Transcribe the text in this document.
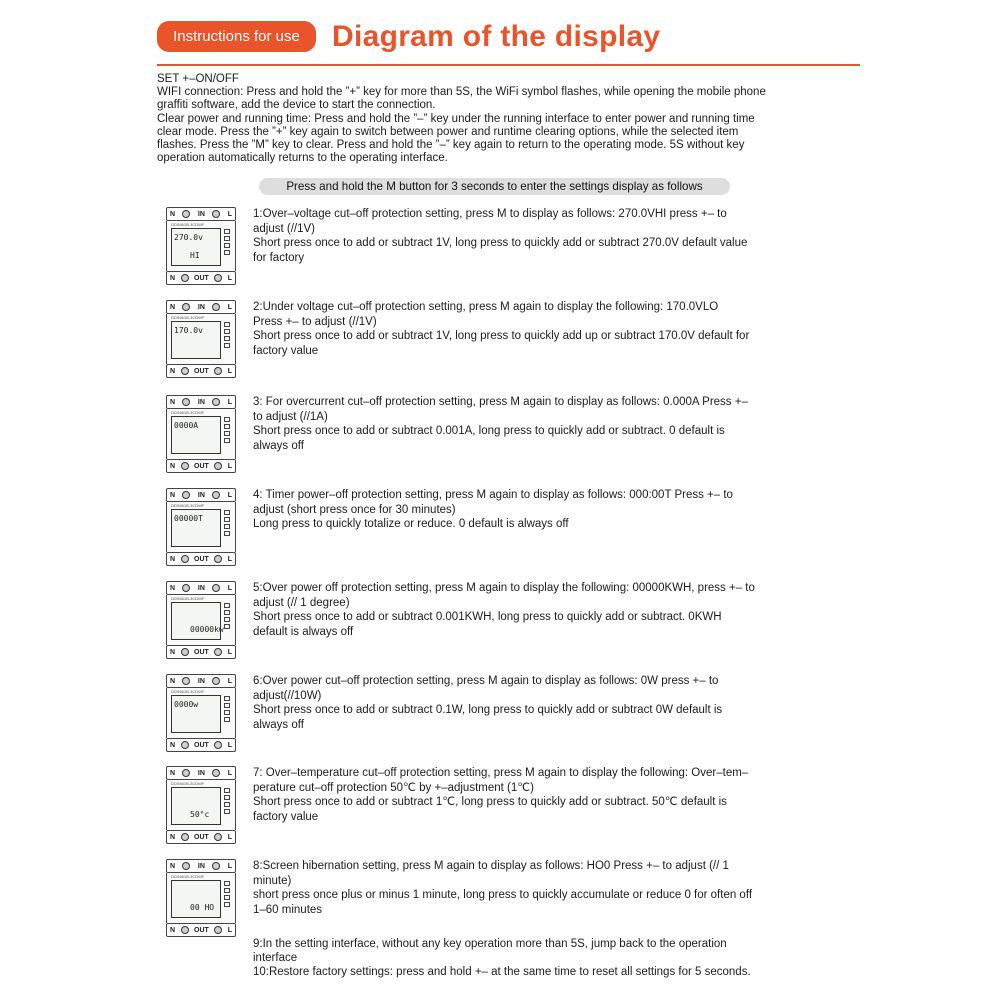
Instructions for use	Diagram of the display
SET +–ON/OFF
WIFI connection: Press and hold the ”+” key for more than 5S, the WiFi symbol flashes, while opening the mobile phone
graffiti software, add the device to start the connection.
Clear power and running time: Press and hold the ”–” key under the running interface to enter power and running time
clear mode. Press the ”+” key again to switch between power and runtime clearing options, while the selected item
flashes. Press the ”M” key to clear. Press and hold the ”–” key again to return to the operating mode. 5S without key
operation automatically returns to the operating interface.
Press and hold the M button for 3 seconds to enter the settings display as follows
N	IN	L
DDS661B-3CDWF
270.0v
HI
N	OUT	L
1:Over–voltage cut–off protection setting, press M to display as follows: 270.0VHI press +– to
adjust (//1V)
Short press once to add or subtract 1V, long press to quickly add or subtract 270.0V default value
for factory
N	IN	L
DDS661B-3CDWF
170.0v
N	OUT	L
2:Under voltage cut–off protection setting, press M again to display the following: 170.0VLO
Press +– to adjust (//1V)
Short press once to add or subtract 1V, long press to quickly add up or subtract 170.0V default for
factory value
N	IN	L
DDS661B-3CDWF
0000A
N	OUT	L
3: For overcurrent cut–off protection setting, press M again to display as follows: 0.000A Press +–
to adjust (//1A)
Short press once to add or subtract 0.001A, long press to quickly add or subtract. 0 default is
always off
N	IN	L
DDS661B-3CDWF
00000T
N	OUT	L
4: Timer power–off protection setting, press M again to display as follows: 000:00T Press +– to
adjust (short press once for 30 minutes)
Long press to quickly totalize or reduce. 0 default is always off
N	IN	L
DDS661B-3CDWF
00000kw
N	OUT	L
5:Over power off protection setting, press M again to display the following: 00000KWH, press +– to
adjust (// 1 degree)
Short press once to add or subtract 0.001KWH, long press to quickly add or subtract. 0KWH
default is always off
N	IN	L
DDS661B-3CDWF
0000w
N	OUT	L
6:Over power cut–off protection setting, press M again to display as follows: 0W press +– to
adjust(//10W)
Short press once to add or subtract 0.1W, long press to quickly add or subtract 0W default is
always off
N	IN	L
DDS661B-3CDWF
50°c
N	OUT	L
7: Over–temperature cut–off protection setting, press M again to display the following: Over–tem–
perature cut–off protection 50℃ by +–adjustment (1℃)
Short press once to add or subtract 1℃, long press to quickly add or subtract. 50℃ default is
factory value
N	IN	L
DDS661B-3CDWF
00 HO
N	OUT	L
8:Screen hibernation setting, press M again to display as follows: HO0 Press +– to adjust (// 1
minute)
short press once plus or minus 1 minute, long press to quickly accumulate or reduce 0 for often off
1–60 minutes
9:In the setting interface, without any key operation more than 5S, jump back to the operation
interface
10:Restore factory settings: press and hold +– at the same time to reset all settings for 5 seconds.
